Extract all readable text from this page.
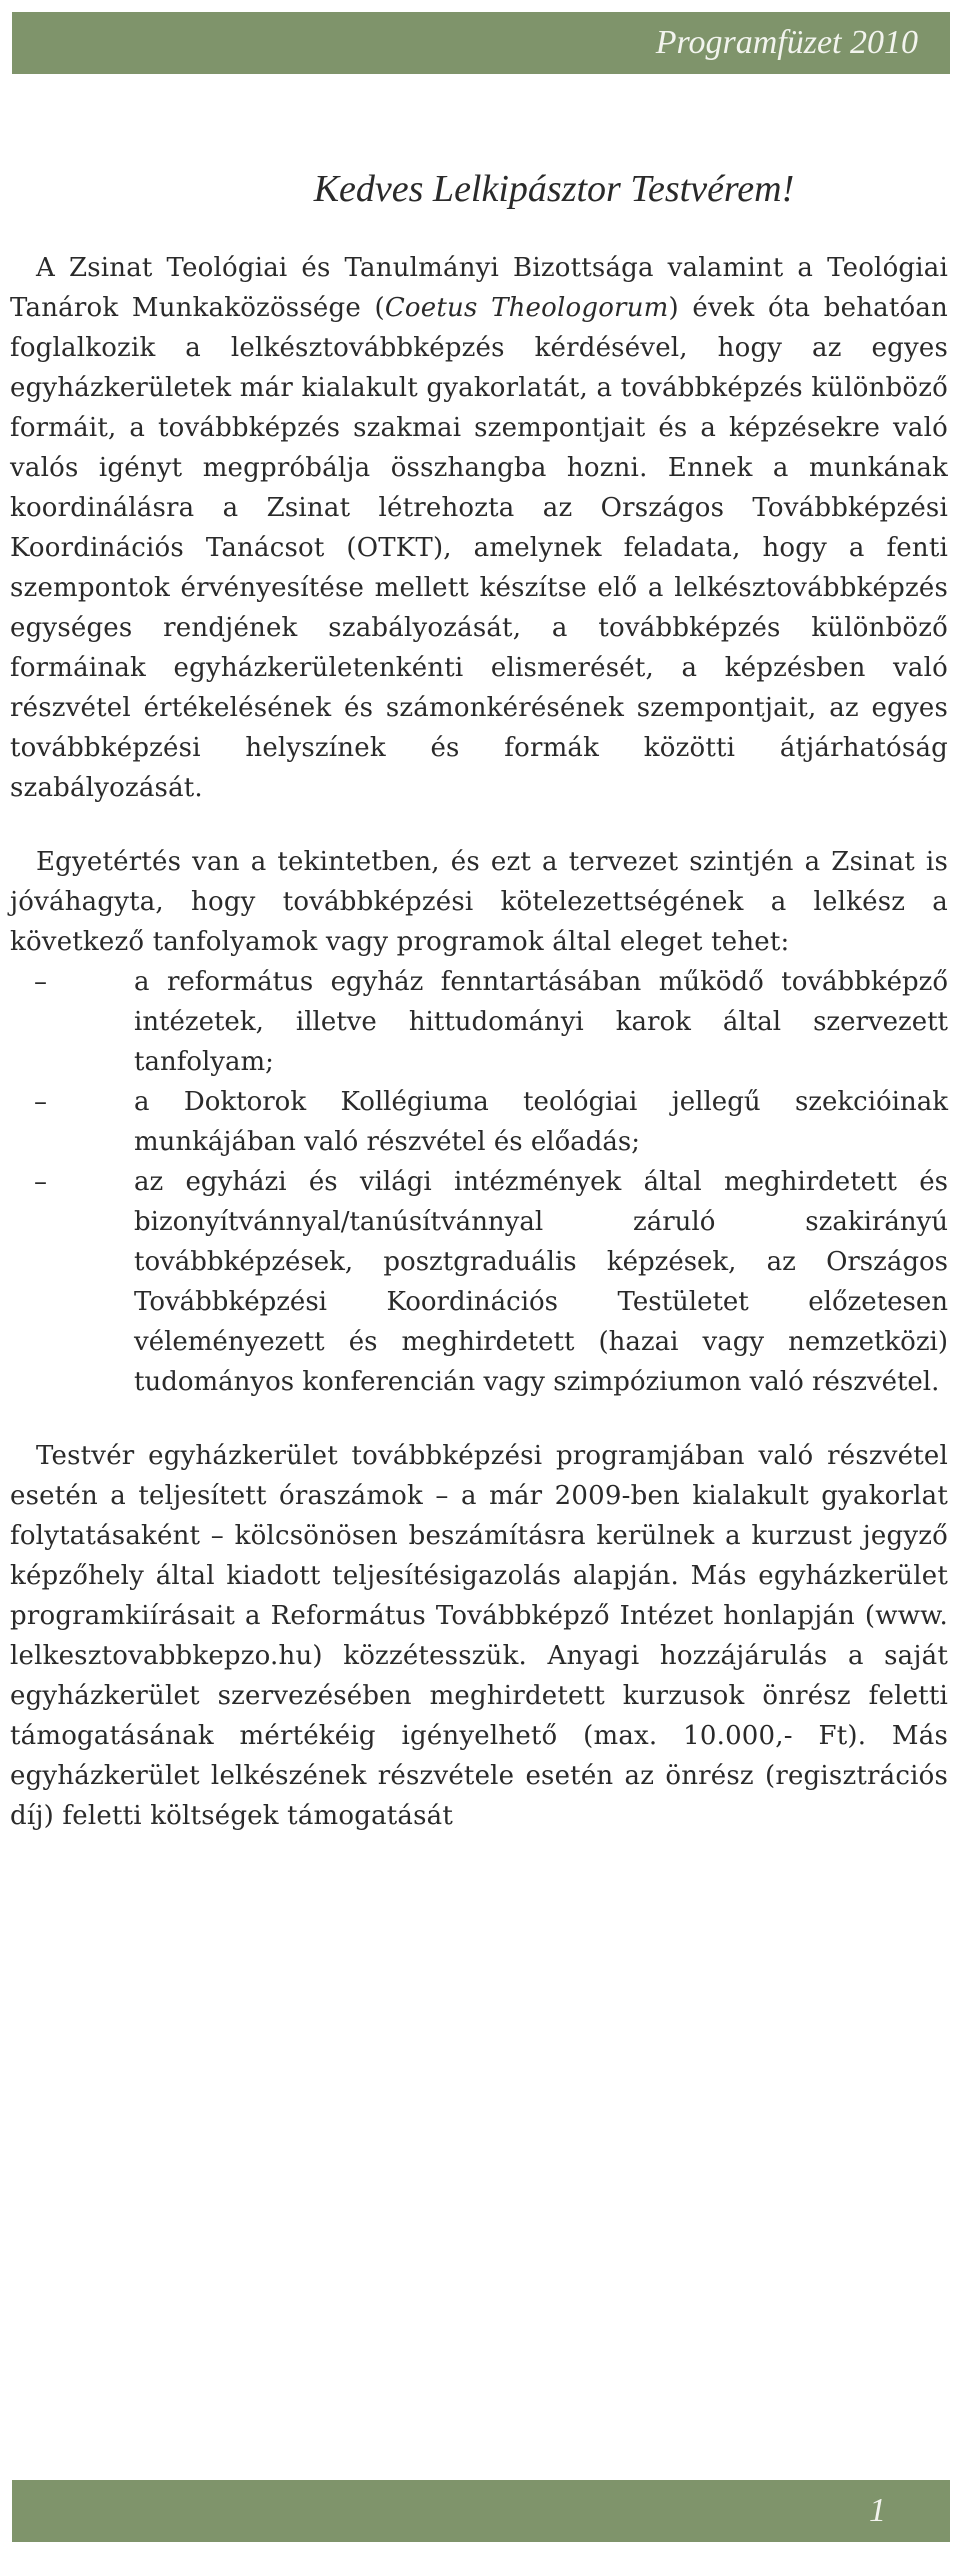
Programfüzet 2010
Kedves Lelkipásztor Testvérem!

A Zsinat Teológiai és Tanulmányi Bizottsága valamint a Teológiai Tanárok Munkaközössége (Coetus Theologorum) évek óta behatóan foglalkozik a lelkésztovábbképzés kérdésével, hogy az egyes egyházkerületek már kialakult gyakorlatát, a továbbképzés különböző formáit, a továbbképzés szakmai szempontjait és a képzésekre való valós igényt megpróbálja összhangba hozni. Ennek a munkának koordinálásra a Zsinat létrehozta az Országos Továbbképzési Koordinációs Tanácsot (OTKT), amelynek feladata, hogy a fenti szempontok érvényesítése mellett készítse elő a lelkésztovábbképzés egységes rendjének szabályozását, a továbbképzés különböző formáinak egyházkerületenkénti elismerését, a képzésben való részvétel értékelésének és számonkérésének szempontjait, az egyes továbbképzési helyszínek és formák közötti átjárhatóság szabályozását.

Egyetértés van a tekintetben, és ezt a tervezet szintjén a Zsinat is jóváhagyta, hogy továbbképzési kötelezettségének a lelkész a következő tanfolyamok vagy programok által eleget tehet:

–	a református egyház fenntartásában működő továbbképző intézetek, illetve hittudományi karok által szervezett tanfolyam;
–	a Doktorok Kollégiuma teológiai jellegű szekcióinak munkájában való részvétel és előadás;
–	az egyházi és világi intézmények által meghirdetett és bizonyítvánnyal/tanúsítvánnyal záruló szakirányú továbbképzések, posztgraduális képzések, az Országos Továbbképzési Koordinációs Testületet előzetesen véleményezett és meghirdetett (hazai vagy nemzetközi) tudományos konferencián vagy szimpóziumon való részvétel.

Testvér egyházkerület továbbképzési programjában való részvétel esetén a teljesített óraszámok – a már 2009-ben kialakult gyakorlat folytatásaként – kölcsönösen beszámításra kerülnek a kurzust jegyző képzőhely által kiadott teljesítésigazolás alapján. Más egyházkerület programkiírásait a Református Továbbképző Intézet honlapján (www. lelkesztovabbkepzo.hu) közzétesszük. Anyagi hozzájárulás a saját egyházkerület szervezésében meghirdetett kurzusok önrész feletti támogatásának mértékéig igényelhető (max. 10.000,- Ft). Más egyházkerület lelkészének részvétele esetén az önrész (regisztrációs díj) feletti költségek támogatását

1
